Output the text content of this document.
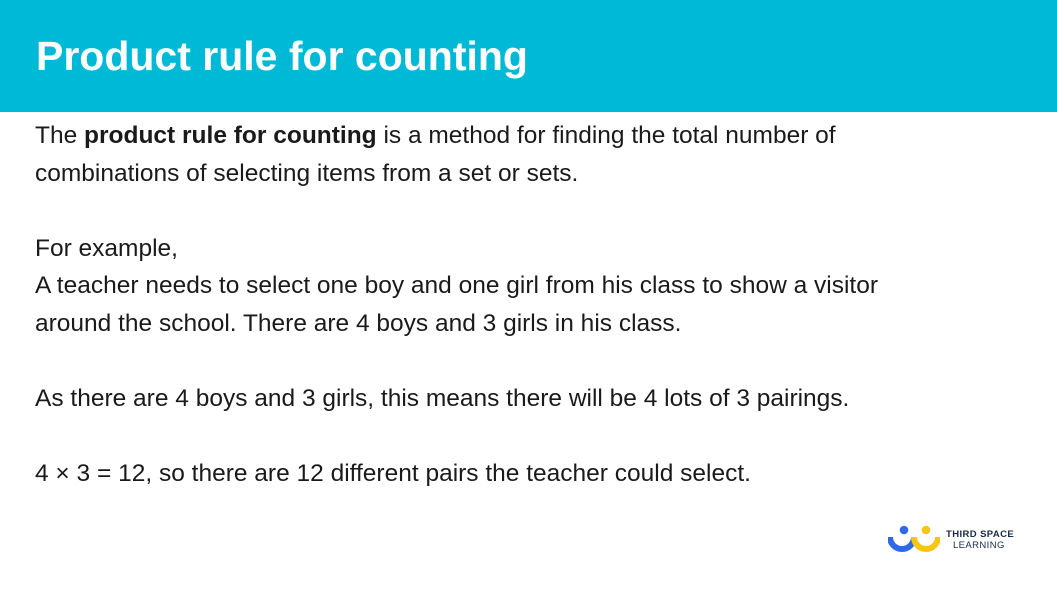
Product rule for counting

The product rule for counting is a method for finding the total number of

combinations of selecting items from a set or sets.

For example,

A teacher needs to select one boy and one girl from his class to show a visitor

around the school. There are 4 boys and 3 girls in his class.

As there are 4 boys and 3 girls, this means there will be 4 lots of 3 pairings.

4 × 3 = 12, so there are 12 different pairs the teacher could select.

THIRD SPACE
LEARNING
